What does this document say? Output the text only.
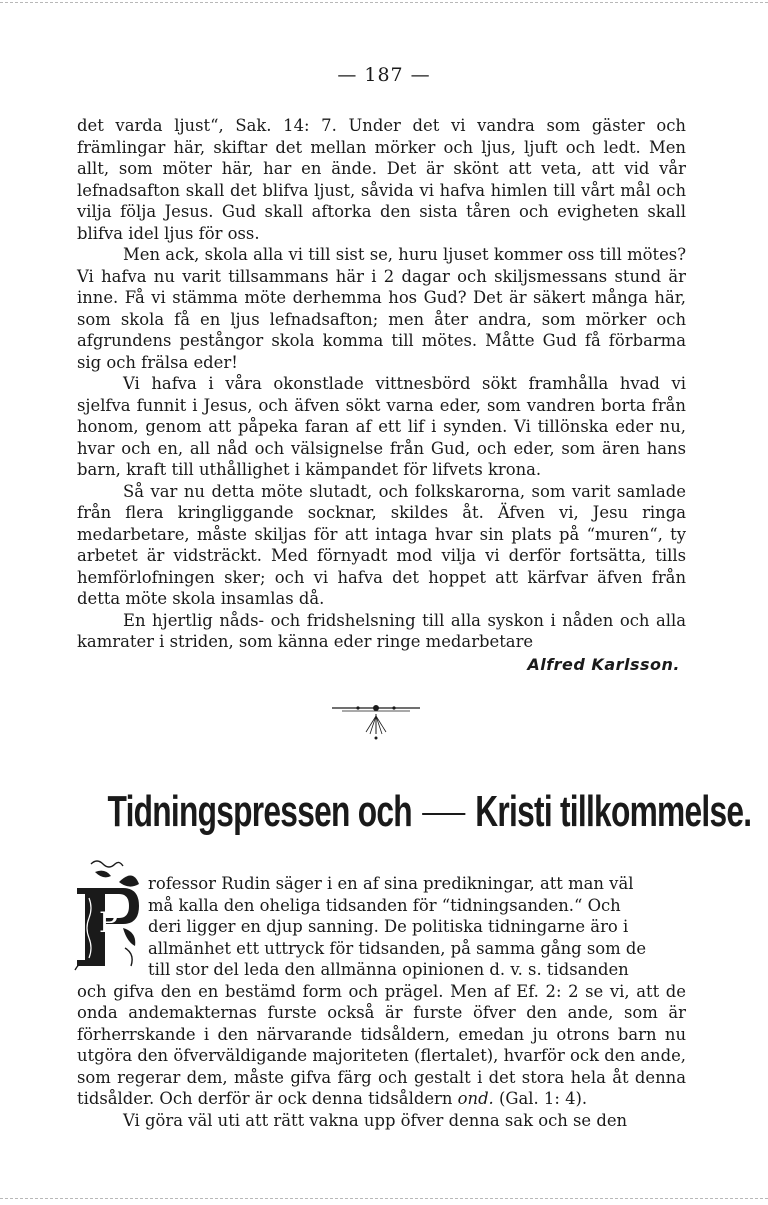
— 187 —

det varda ljust“, Sak. 14: 7. Under det vi vandra som gäster och främlingar här, skiftar det mellan mörker och ljus, ljuft och ledt. Men allt, som möter här, har en ände. Det är skönt att veta, att vid vår lefnadsafton skall det blifva ljust, såvida vi hafva himlen till vårt mål och vilja följa Jesus. Gud skall aftorka den sista tåren och evigheten skall blifva idel ljus för oss.

Men ack, skola alla vi till sist se, huru ljuset kommer oss till mötes? Vi hafva nu varit tillsammans här i 2 dagar och skiljsmessans stund är inne. Få vi stämma möte derhemma hos Gud? Det är säkert många här, som skola få en ljus lefnadsafton; men åter andra, som mörker och afgrundens pestångor skola komma till mötes. Måtte Gud få förbarma sig och frälsa eder!

Vi hafva i våra okonstlade vittnesbörd sökt framhålla hvad vi sjelfva funnit i Jesus, och äfven sökt varna eder, som vandren borta från honom, genom att påpeka faran af ett lif i synden. Vi tillönska eder nu, hvar och en, all nåd och välsignelse från Gud, och eder, som ären hans barn, kraft till uthållighet i kämpandet för lifvets krona.

Så var nu detta möte slutadt, och folkskarorna, som varit samlade från flera kringliggande socknar, skildes åt. Äfven vi, Jesu ringa medarbetare, måste skiljas för att intaga hvar sin plats på “muren“, ty arbetet är vidsträckt. Med förnyadt mod vilja vi derför fortsätta, tills hemförlofningen sker; och vi hafva det hoppet att kärfvar äfven från detta möte skola insamlas då.

En hjertlig nåds- och fridshelsning till alla syskon i nåden och alla kamrater i striden, som känna eder ringe medarbetare

Alfred Karlsson.
Tidningspressen och Kristi tillkommelse.
P

rofessor Rudin säger i en af sina predikningar, att man väl

må kalla den oheliga tidsanden för “tidningsanden.“ Och

deri ligger en djup sanning. De politiska tidningarne äro i

allmänhet ett uttryck för tidsanden, på samma gång som de

till stor del leda den allmänna opinionen d. v. s. tidsanden

och gifva den en bestämd form och prägel. Men af Ef. 2: 2 se vi, att de onda andemakternas furste också är furste öfver den ande, som är förherrskande i den närvarande tidsåldern, emedan ju otrons barn nu utgöra den öfverväldigande majoriteten (flertalet), hvarför ock den ande, som regerar dem, måste gifva färg och gestalt i det stora hela åt denna tidsålder. Och derför är ock denna tidsåldern ond. (Gal. 1: 4).

Vi göra väl uti att rätt vakna upp öfver denna sak och se den
